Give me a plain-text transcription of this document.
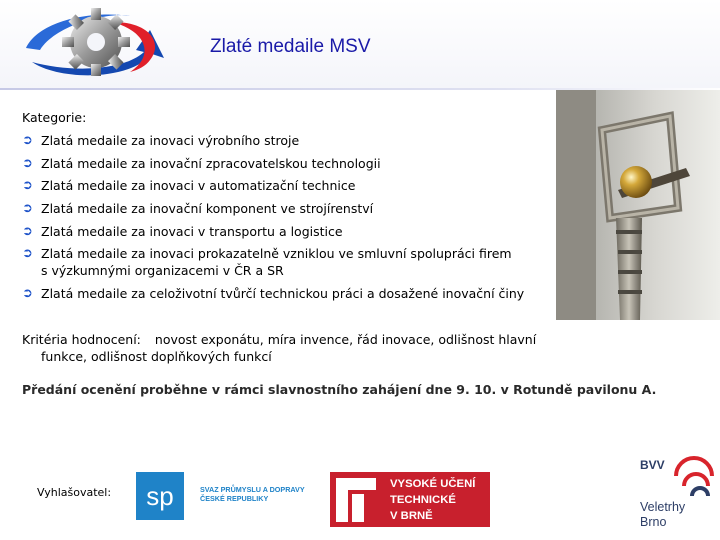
Zlaté medaile MSV
Kategorie:
➲ Zlatá medaile za inovaci výrobního stroje
➲ Zlatá medaile za inovační zpracovatelskou technologii
➲ Zlatá medaile za inovaci v automatizační technice
➲ Zlatá medaile za inovační komponent ve strojírenství
➲ Zlatá medaile za inovaci v transportu a logistice
➲ Zlatá medaile za inovaci prokazatelně vzniklou ve smluvní spolupráci firem
s výzkumnými organizacemi v ČR a SR
➲ Zlatá medaile za celoživotní tvůrčí technickou práci a dosažené inovační činy
Kritéria hodnocení: novost exponátu, míra invence, řád inovace, odlišnost hlavní
funkce, odlišnost doplňkových funkcí
Předání ocenění proběhne v rámci slavnostního zahájení dne 9. 10. v Rotundě pavilonu A.
Vyhlašovatel: sp	SVAZ PRŮMYSLU A DOPRAVY
ČESKÉ REPUBLIKY
VYSOKÉ UČENÍ
TECHNICKÉ
V BRNĚ
BVV
Veletrhy
Brno
